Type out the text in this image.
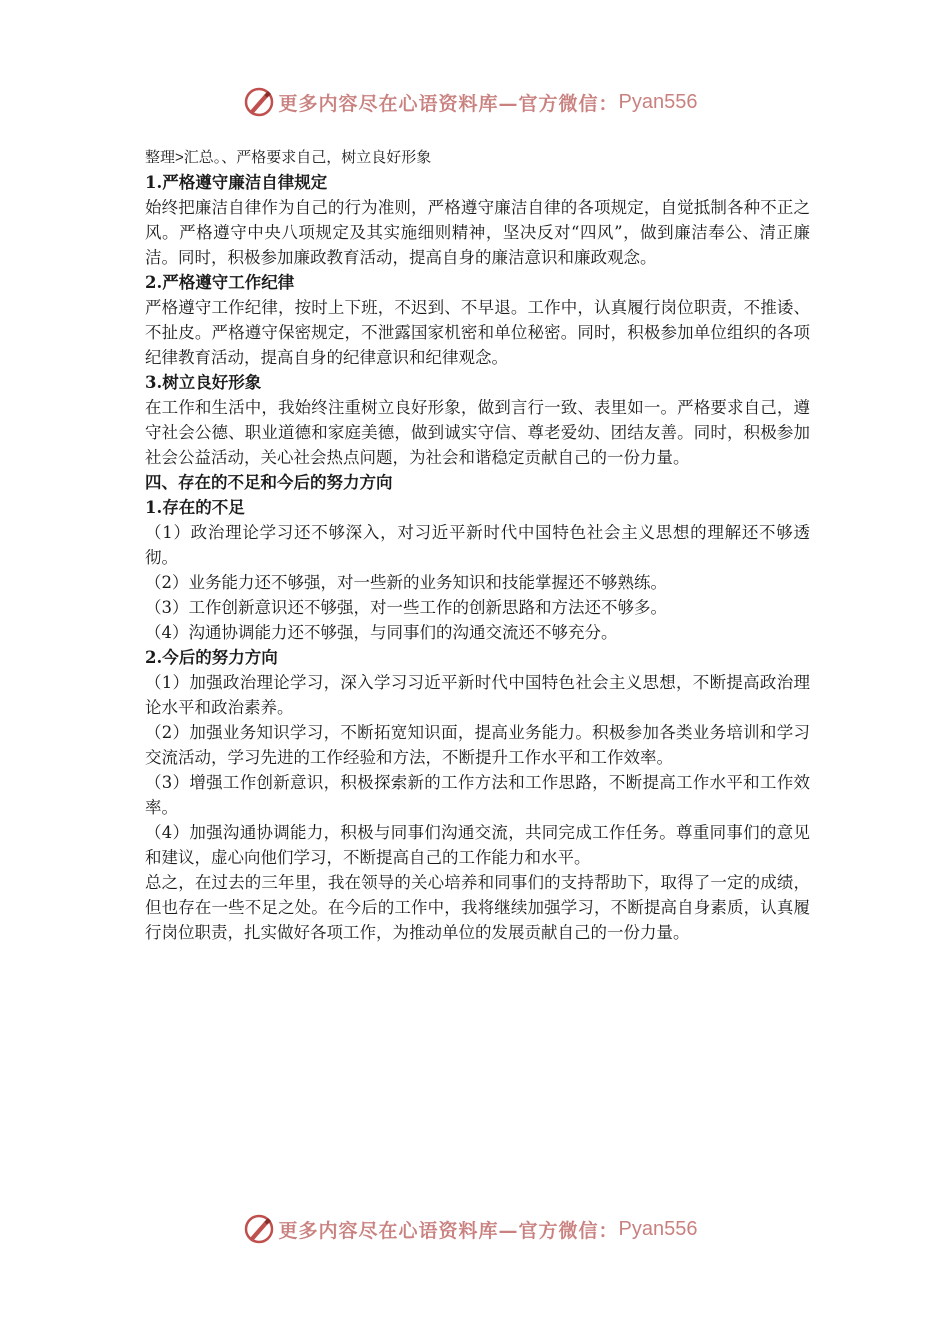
更多内容尽在心语资料库—官方微信： Pyan556

整理>汇总。、严格要求自己，树立良好形象

1.严格遵守廉洁自律规定

始终把廉洁自律作为自己的行为准则，严格遵守廉洁自律的各项规定，自觉抵制各种不正之风。严格遵守中央八项规定及其实施细则精神，坚决反对“四风”，做到廉洁奉公、清正廉洁。同时，积极参加廉政教育活动，提高自身的廉洁意识和廉政观念。

2.严格遵守工作纪律

严格遵守工作纪律，按时上下班，不迟到、不早退。工作中，认真履行岗位职责，不推诿、不扯皮。严格遵守保密规定，不泄露国家机密和单位秘密。同时，积极参加单位组织的各项纪律教育活动，提高自身的纪律意识和纪律观念。

3.树立良好形象

在工作和生活中，我始终注重树立良好形象，做到言行一致、表里如一。严格要求自己，遵守社会公德、职业道德和家庭美德，做到诚实守信、尊老爱幼、团结友善。同时，积极参加社会公益活动，关心社会热点问题，为社会和谐稳定贡献自己的一份力量。

四、存在的不足和今后的努力方向

1.存在的不足

（1）政治理论学习还不够深入，对习近平新时代中国特色社会主义思想的理解还不够透彻。

（2）业务能力还不够强，对一些新的业务知识和技能掌握还不够熟练。

（3）工作创新意识还不够强，对一些工作的创新思路和方法还不够多。

（4）沟通协调能力还不够强，与同事们的沟通交流还不够充分。

2.今后的努力方向

（1）加强政治理论学习，深入学习习近平新时代中国特色社会主义思想，不断提高政治理论水平和政治素养。

（2）加强业务知识学习，不断拓宽知识面，提高业务能力。积极参加各类业务培训和学习交流活动，学习先进的工作经验和方法，不断提升工作水平和工作效率。

（3）增强工作创新意识，积极探索新的工作方法和工作思路，不断提高工作水平和工作效率。

（4）加强沟通协调能力，积极与同事们沟通交流，共同完成工作任务。尊重同事们的意见和建议，虚心向他们学习，不断提高自己的工作能力和水平。

总之，在过去的三年里，我在领导的关心培养和同事们的支持帮助下，取得了一定的成绩，但也存在一些不足之处。在今后的工作中，我将继续加强学习，不断提高自身素质，认真履行岗位职责，扎实做好各项工作，为推动单位的发展贡献自己的一份力量。

更多内容尽在心语资料库—官方微信： Pyan556
